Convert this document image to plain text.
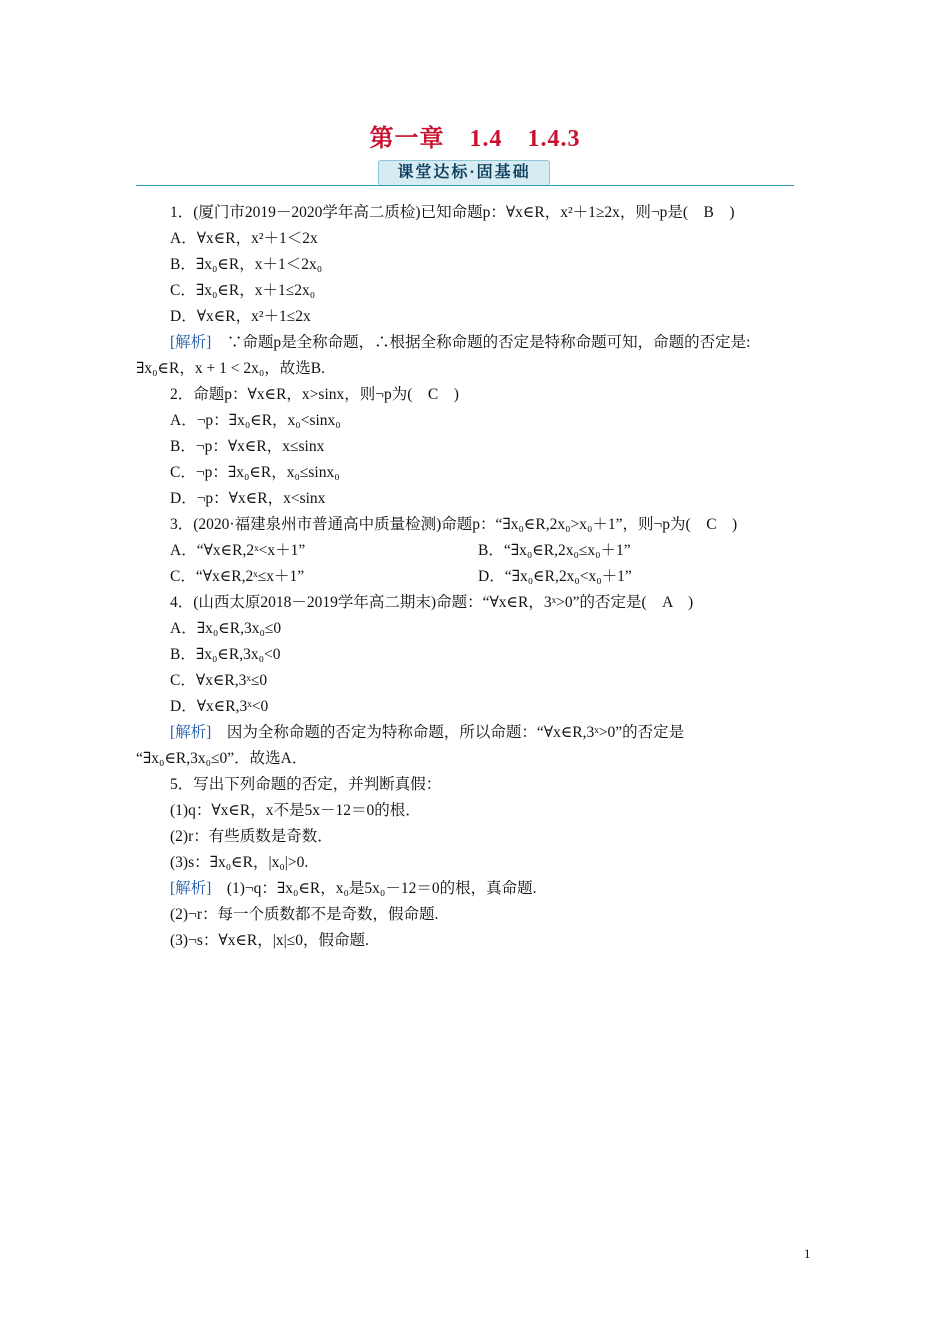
第一章　1.4　1.4.3
课堂达标·固基础
1．(厦门市2019－2020学年高二质检)已知命题p：∀x∈R，x²＋1≥2x，则¬p是(　B　)
A．∀x∈R，x²＋1＜2x
B．∃x₀∈R，x＋1＜2x₀
C．∃x₀∈R，x＋1≤2x₀
D．∀x∈R，x²＋1≤2x
[解析]　∵命题p是全称命题，∴根据全称命题的否定是特称命题可知，命题的否定是:
∃x₀∈R，x + 1 < 2x₀，故选B.
2．命题p：∀x∈R，x>sinx，则¬p为(　C　)
A．¬p：∃x₀∈R，x₀<sinx₀
B．¬p：∀x∈R，x≤sinx
C．¬p：∃x₀∈R，x₀≤sinx₀
D．¬p：∀x∈R，x<sinx
3．(2020·福建泉州市普通高中质量检测)命题p：“∃x₀∈R,2x₀>x₀＋1”，则¬p为(　C　)
A．“∀x∈R,2ˣ<x＋1”	B．“∃x₀∈R,2x₀≤x₀＋1”
C．“∀x∈R,2ˣ≤x＋1”	D．“∃x₀∈R,2x₀<x₀＋1”
4．(山西太原2018－2019学年高二期末)命题：“∀x∈R，3ˣ>0”的否定是(　A　)
A．∃x₀∈R,3x₀≤0
B．∃x₀∈R,3x₀<0
C．∀x∈R,3ˣ≤0
D．∀x∈R,3ˣ<0
[解析]　因为全称命题的否定为特称命题，所以命题：“∀x∈R,3ˣ>0”的否定是
“∃x₀∈R,3x₀≤0”．故选A．
5．写出下列命题的否定，并判断真假：
(1)q：∀x∈R，x不是5x－12＝0的根．
(2)r：有些质数是奇数．
(3)s：∃x₀∈R，|x₀|>0.
[解析]　(1)¬q：∃x₀∈R，x₀是5x₀－12＝0的根，真命题.
(2)¬r：每一个质数都不是奇数，假命题.
(3)¬s：∀x∈R，|x|≤0，假命题.
1
